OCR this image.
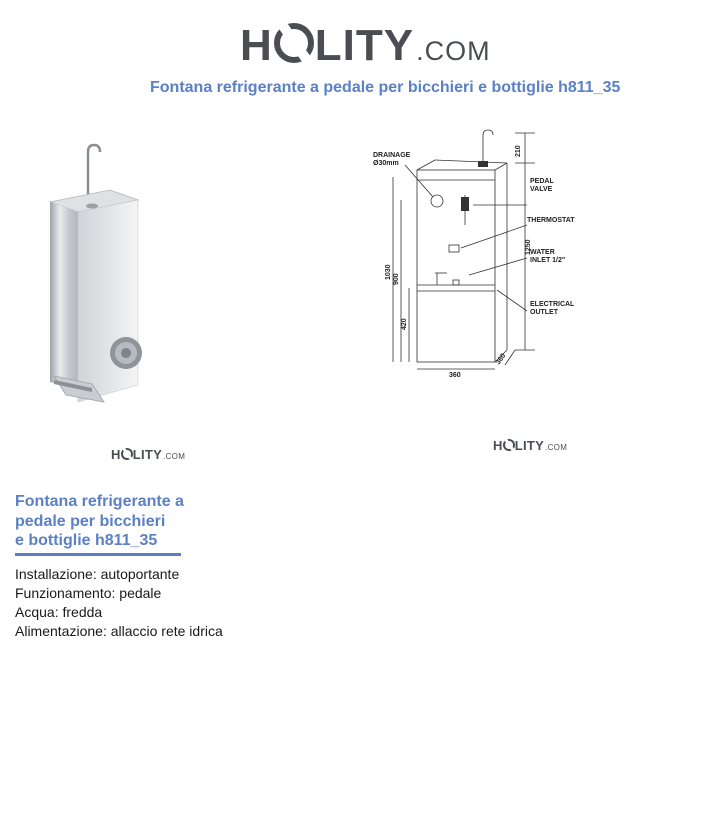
H LITY .COM
Fontana refrigerante a pedale per bicchieri e bottiglie h811_35
DRAINAGE
Ø30mm
PEDAL
VALVE
THERMOSTAT
WATER
INLET 1/2"
ELECTRICAL
OUTLET
210
1250
1030 900
420
360
360
H LITY .COM
H LITY .COM
Fontana refrigerante a
pedale per bicchieri
e bottiglie h811_35
Installazione: autoportante
Funzionamento: pedale
Acqua: fredda
Alimentazione: allaccio rete idrica
